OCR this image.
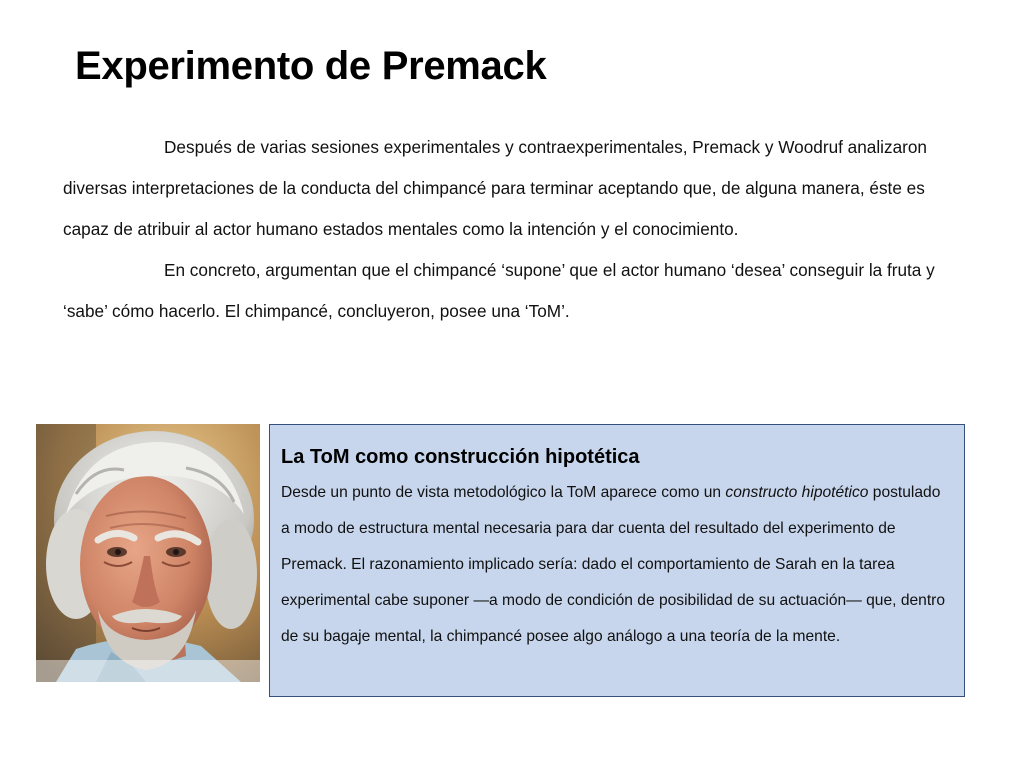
Experimento de Premack

Después de varias sesiones experimentales y contraexperimentales, Premack y Woodruf analizaron diversas interpretaciones de la conducta del chimpancé para terminar aceptando que, de alguna manera, éste es capaz de atribuir al actor humano estados mentales como la intención y el conocimiento.

En concreto, argumentan que el chimpancé ‘supone’ que el actor humano ‘desea’ conseguir la fruta y ‘sabe’ cómo hacerlo. El chimpancé, concluyeron, posee una ‘ToM’.

La ToM como construcción hipotética

Desde un punto de vista metodológico la ToM aparece como un constructo hipotético postulado a modo de estructura mental necesaria para dar cuenta del resultado del experimento de Premack. El razonamiento implicado sería: dado el comportamiento de Sarah en la tarea experimental cabe suponer —a modo de condición de posibilidad de su actuación— que, dentro de su bagaje mental, la chimpancé posee algo análogo a una teoría de la mente.
